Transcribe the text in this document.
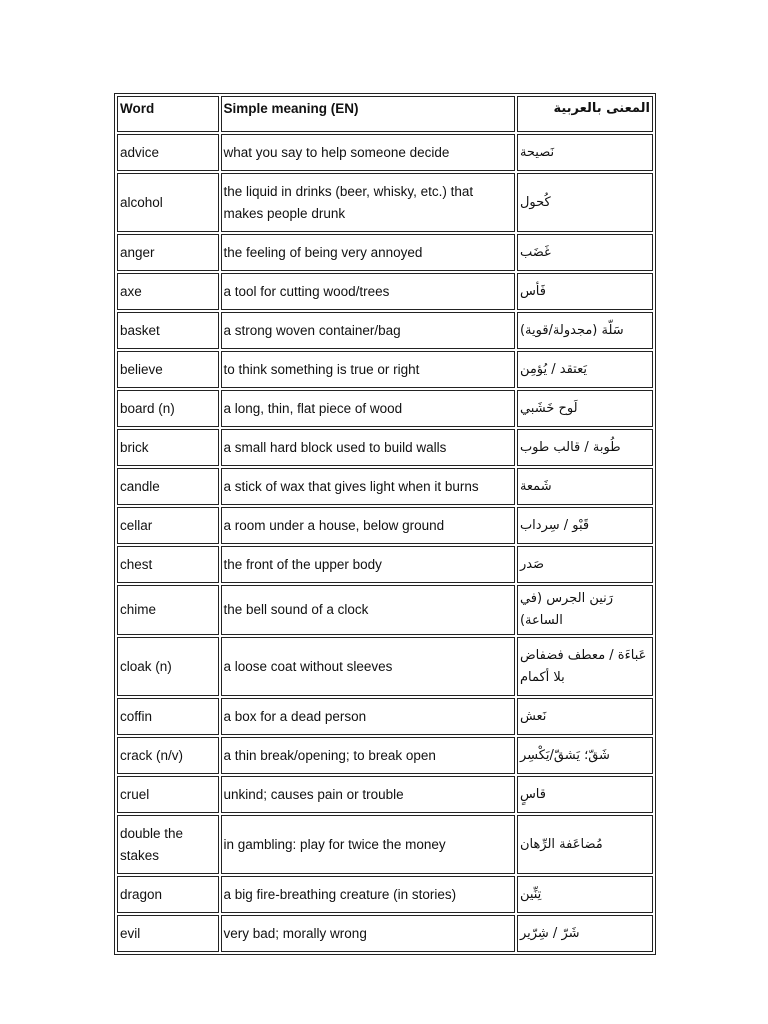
Word	Simple meaning (EN)	المعنى بالعربية
advice	what you say to help someone decide	نَصيحة
alcohol	the liquid in drinks (beer, whisky, etc.) that makes people drunk	كُحول
anger	the feeling of being very annoyed	غَضَب
axe	a tool for cutting wood/trees	فَأس
basket	a strong woven container/bag	سَلّة (مجدولة/قوية)
believe	to think something is true or right	يَعتقد / يُؤمِن
board (n)	a long, thin, flat piece of wood	لَوح خَشَبي
brick	a small hard block used to build walls	طُوبة / قالب طوب
candle	a stick of wax that gives light when it burns	شَمعة
cellar	a room under a house, below ground	قَبْو / سِرداب
chest	the front of the upper body	صَدر
chime	the bell sound of a clock	رَنين الجرس (في الساعة)
cloak (n)	a loose coat without sleeves	عَباءَة / معطف فضفاض بلا أكمام
coffin	a box for a dead person	نَعش
crack (n/v)	a thin break/opening; to break open	شَقّ؛ يَشقّ/يَكْسِر
cruel	unkind; causes pain or trouble	قاسٍ
double the stakes	in gambling: play for twice the money	مُضاعَفة الرِّهان
dragon	a big fire-breathing creature (in stories)	تِنِّين
evil	very bad; morally wrong	شَرّ / شِرّير
